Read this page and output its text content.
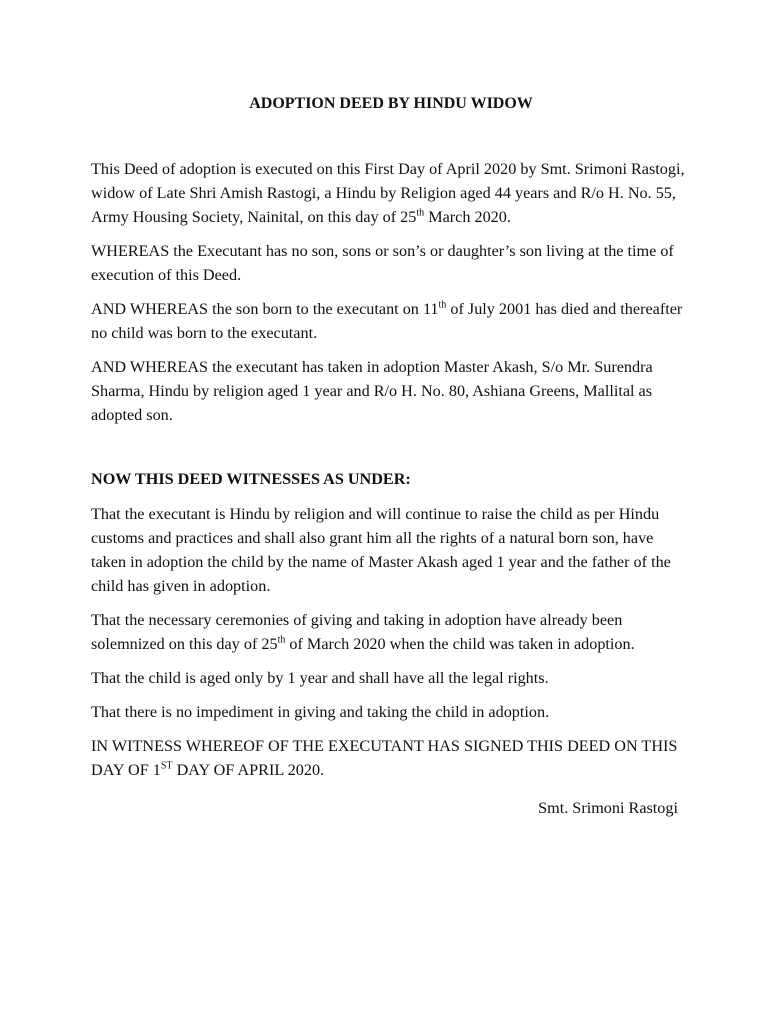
ADOPTION DEED BY HINDU WIDOW

This Deed of adoption is executed on this First Day of April 2020 by Smt. Srimoni Rastogi, widow of Late Shri Amish Rastogi, a Hindu by Religion aged 44 years and R/o H. No. 55, Army Housing Society, Nainital, on this day of 25th March 2020.

WHEREAS the Executant has no son, sons or son’s or daughter’s son living at the time of execution of this Deed.

AND WHEREAS the son born to the executant on 11th of July 2001 has died and thereafter no child was born to the executant.

AND WHEREAS the executant has taken in adoption Master Akash, S/o Mr. Surendra Sharma, Hindu by religion aged 1 year and R/o H. No. 80, Ashiana Greens, Mallital as adopted son.

NOW THIS DEED WITNESSES AS UNDER:

That the executant is Hindu by religion and will continue to raise the child as per Hindu customs and practices and shall also grant him all the rights of a natural born son, have taken in adoption the child by the name of Master Akash aged 1 year and the father of the child has given in adoption.

That the necessary ceremonies of giving and taking in adoption have already been solemnized on this day of 25th of March 2020 when the child was taken in adoption.

That the child is aged only by 1 year and shall have all the legal rights.

That there is no impediment in giving and taking the child in adoption.

IN WITNESS WHEREOF OF THE EXECUTANT HAS SIGNED THIS DEED ON THIS DAY OF 1ST DAY OF APRIL 2020.

Smt. Srimoni Rastogi
